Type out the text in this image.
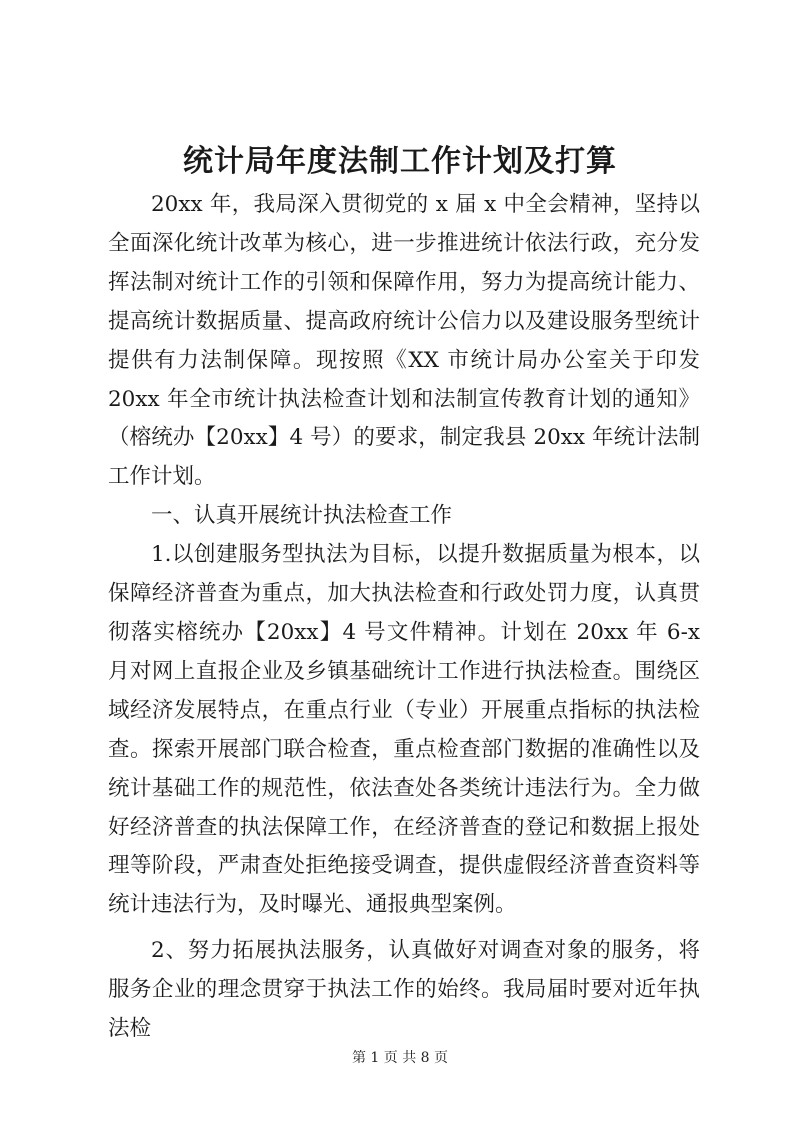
统计局年度法制工作计划及打算

20xx 年，我局深入贯彻党的 x 届 x 中全会精神，坚持以全面深化统计改革为核心，进一步推进统计依法行政，充分发挥法制对统计工作的引领和保障作用，努力为提高统计能力、提高统计数据质量、提高政府统计公信力以及建设服务型统计提供有力法制保障。现按照《XX 市统计局办公室关于印发 20xx 年全市统计执法检查计划和法制宣传教育计划的通知》（榕统办【20xx】4 号）的要求，制定我县 20xx 年统计法制工作计划。

一、认真开展统计执法检查工作

1.以创建服务型执法为目标，以提升数据质量为根本，以保障经济普查为重点，加大执法检查和行政处罚力度，认真贯彻落实榕统办【20xx】4 号文件精神。计划在 20xx 年 6-x 月对网上直报企业及乡镇基础统计工作进行执法检查。围绕区域经济发展特点，在重点行业（专业）开展重点指标的执法检查。探索开展部门联合检查，重点检查部门数据的准确性以及统计基础工作的规范性，依法查处各类统计违法行为。全力做好经济普查的执法保障工作，在经济普查的登记和数据上报处理等阶段，严肃查处拒绝接受调查，提供虚假经济普查资料等统计违法行为，及时曝光、通报典型案例。

2、努力拓展执法服务，认真做好对调查对象的服务，将服务企业的理念贯穿于执法工作的始终。我局届时要对近年执法检

第 1 页 共 8 页
